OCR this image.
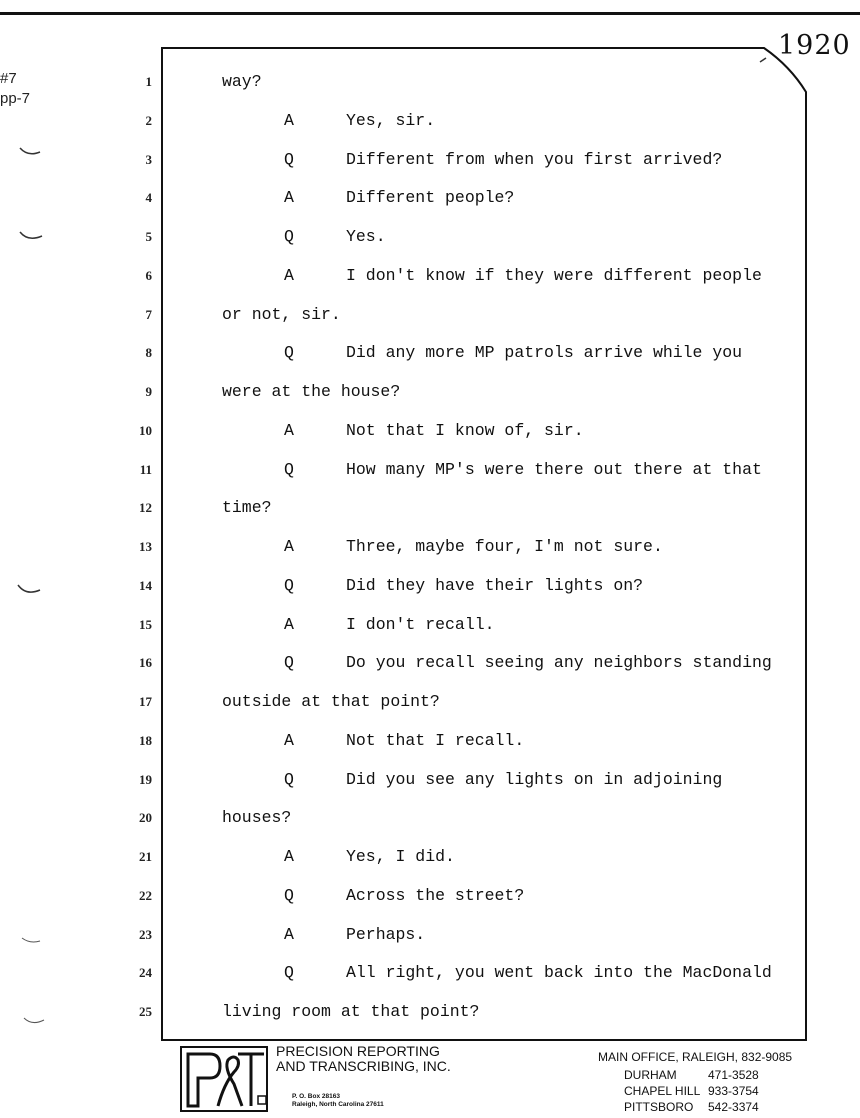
#7
pp-7
1920
1	way?
2	A	Yes, sir.
3	Q	Different from when you first arrived?
4	A	Different people?
5	Q	Yes.
6	A	I don't know if they were different people
7	or not, sir.
8	Q	Did any more MP patrols arrive while you
9	were at the house?
10	A	Not that I know of, sir.
11	Q	How many MP's were there out there at that
12	time?
13	A	Three, maybe four, I'm not sure.
14	Q	Did they have their lights on?
15	A	I don't recall.
16	Q	Do you recall seeing any neighbors standing
17	outside at that point?
18	A	Not that I recall.
19	Q	Did you see any lights on in adjoining
20	houses?
21	A	Yes, I did.
22	Q	Across the street?
23	A	Perhaps.
24	Q	All right, you went back into the MacDonald
25	living room at that point?
PRECISION REPORTING
AND TRANSCRIBING, INC.
P. O. Box 28163
Raleigh, North Carolina 27611
MAIN OFFICE, RALEIGH, 832-9085
DURHAM	471-3528
CHAPEL HILL 933-3754
PITTSBORO 542-3374
